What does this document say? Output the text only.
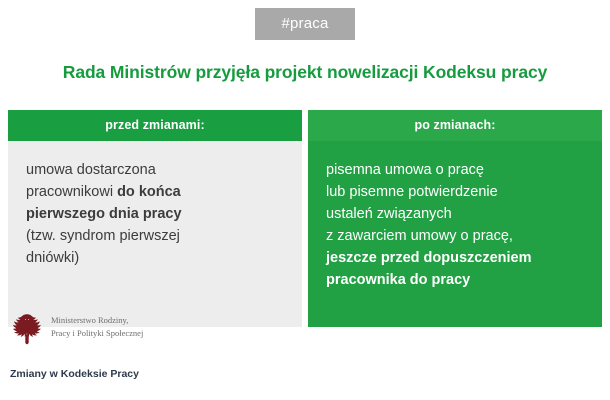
#praca
Rada Ministrów przyjęła projekt nowelizacji Kodeksu pracy
przed zmianami:
umowa dostarczona
pracownikowi do końca
pierwszego dnia pracy
(tzw. syndrom pierwszej
dniówki)
po zmianach:
pisemna umowa o pracę
lub pisemne potwierdzenie
ustaleń związanych
z zawarciem umowy o pracę,
jeszcze przed dopuszczeniem
pracownika do pracy
Ministerstwo Rodziny,
Pracy i Polityki Społecznej
Zmiany w Kodeksie Pracy
